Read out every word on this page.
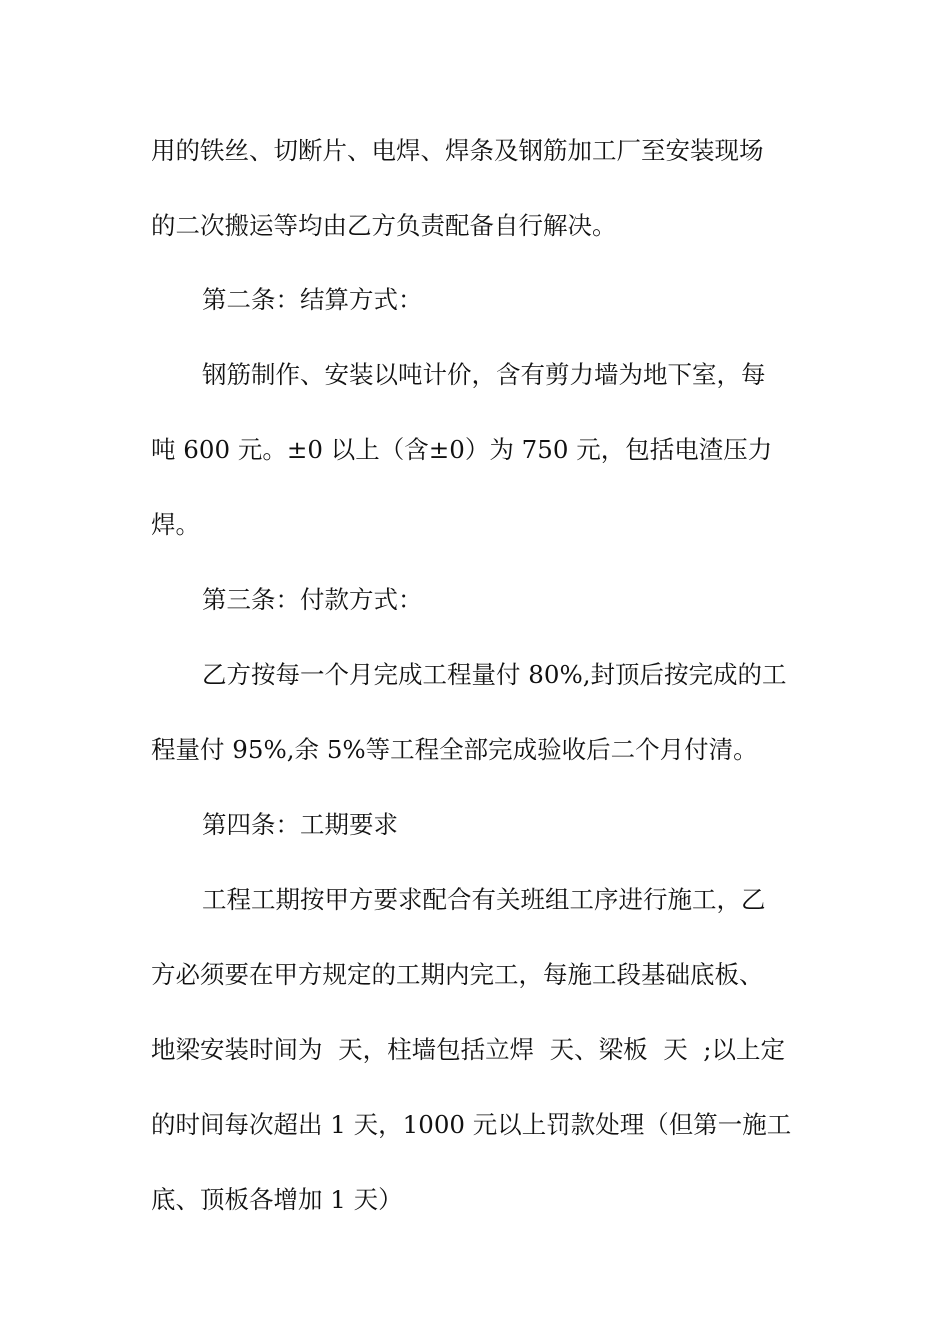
用的铁丝、切断片、电焊、焊条及钢筋加工厂至安装现场
的二次搬运等均由乙方负责配备自行解决。
第二条：结算方式：
钢筋制作、安装以吨计价，含有剪力墙为地下室，每
吨 600 元。±0 以上（含±0）为 750 元，包括电渣压力
焊。
第三条：付款方式：
乙方按每一个月完成工程量付 80%,封顶后按完成的工
程量付 95%,余 5%等工程全部完成验收后二个月付清。
第四条：工期要求
工程工期按甲方要求配合有关班组工序进行施工，乙
方必须要在甲方规定的工期内完工，每施工段基础底板、
地梁安装时间为  天，柱墙包括立焊  天、梁板  天  ;以上定
的时间每次超出 1 天，1000 元以上罚款处理（但第一施工
底、顶板各增加 1 天）
